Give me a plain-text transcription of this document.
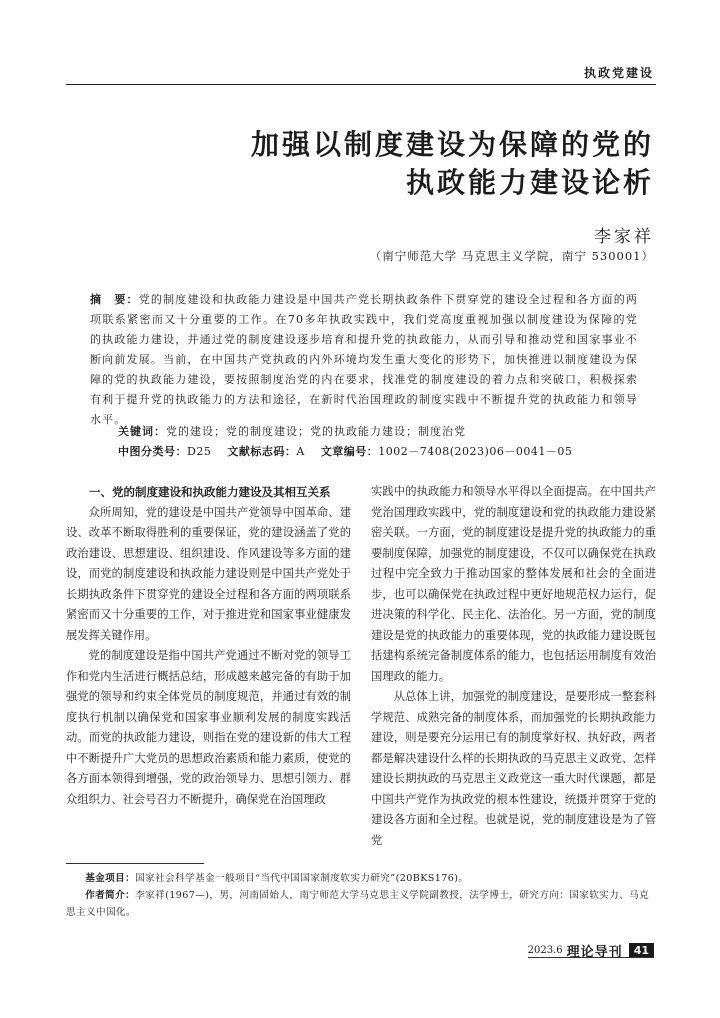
执政党建设
加强以制度建设为保障的党的
执政能力建设论析
李家祥
（南宁师范大学 马克思主义学院，南宁 530001）
摘　要：党的制度建设和执政能力建设是中国共产党长期执政条件下贯穿党的建设全过程和各方面的两项联系紧密而又十分重要的工作。在70多年执政实践中，我们党高度重视加强以制度建设为保障的党的执政能力建设，并通过党的制度建设逐步培育和提升党的执政能力，从而引导和推动党和国家事业不断向前发展。当前，在中国共产党执政的内外环境均发生重大变化的形势下，加快推进以制度建设为保障的党的执政能力建设，要按照制度治党的内在要求，找准党的制度建设的着力点和突破口，积极探索有利于提升党的执政能力的方法和途径，在新时代治国理政的制度实践中不断提升党的执政能力和领导水平。
关键词：党的建设；党的制度建设；党的执政能力建设；制度治党
中图分类号：D25 文献标志码：A 文章编号：1002－7408(2023)06－0041－05
一、党的制度建设和执政能力建设及其相互关系

众所周知，党的建设是中国共产党领导中国革命、建设、改革不断取得胜利的重要保证，党的建设涵盖了党的政治建设、思想建设、组织建设、作风建设等多方面的建设，而党的制度建设和执政能力建设则是中国共产党处于长期执政条件下贯穿党的建设全过程和各方面的两项联系紧密而又十分重要的工作，对于推进党和国家事业健康发展发挥关键作用。

党的制度建设是指中国共产党通过不断对党的领导工作和党内生活进行概括总结，形成越来越完备的有助于加强党的领导和约束全体党员的制度规范，并通过有效的制度执行机制以确保党和国家事业顺利发展的制度实践活动。而党的执政能力建设，则指在党的建设新的伟大工程中不断提升广大党员的思想政治素质和能力素质，使党的各方面本领得到增强，党的政治领导力、思想引领力、群众组织力、社会号召力不断提升，确保党在治国理政

实践中的执政能力和领导水平得以全面提高。在中国共产党治国理政实践中，党的制度建设和党的执政能力建设紧密关联。一方面，党的制度建设是提升党的执政能力的重要制度保障，加强党的制度建设，不仅可以确保党在执政过程中完全致力于推动国家的整体发展和社会的全面进步，也可以确保党在执政过程中更好地规范权力运行，促进决策的科学化、民主化、法治化。另一方面，党的制度建设是党的执政能力的重要体现，党的执政能力建设既包括建构系统完备制度体系的能力，也包括运用制度有效治国理政的能力。

从总体上讲，加强党的制度建设，是要形成一整套科学规范、成熟完备的制度体系，而加强党的长期执政能力建设，则是要充分运用已有的制度掌好权、执好政，两者都是解决建设什么样的长期执政的马克思主义政党、怎样建设长期执政的马克思主义政党这一重大时代课题，都是中国共产党作为执政党的根本性建设，统摄并贯穿于党的建设各方面和全过程。也就是说，党的制度建设是为了管党

基金项目：国家社会科学基金一般项目“当代中国国家制度软实力研究”(20BKS176)。

作者简介：李家祥(1967—)，男，河南固始人，南宁师范大学马克思主义学院副教授，法学博士，研究方向：国家软实力、马克思主义中国化。

2023.6 理论导刊	41
